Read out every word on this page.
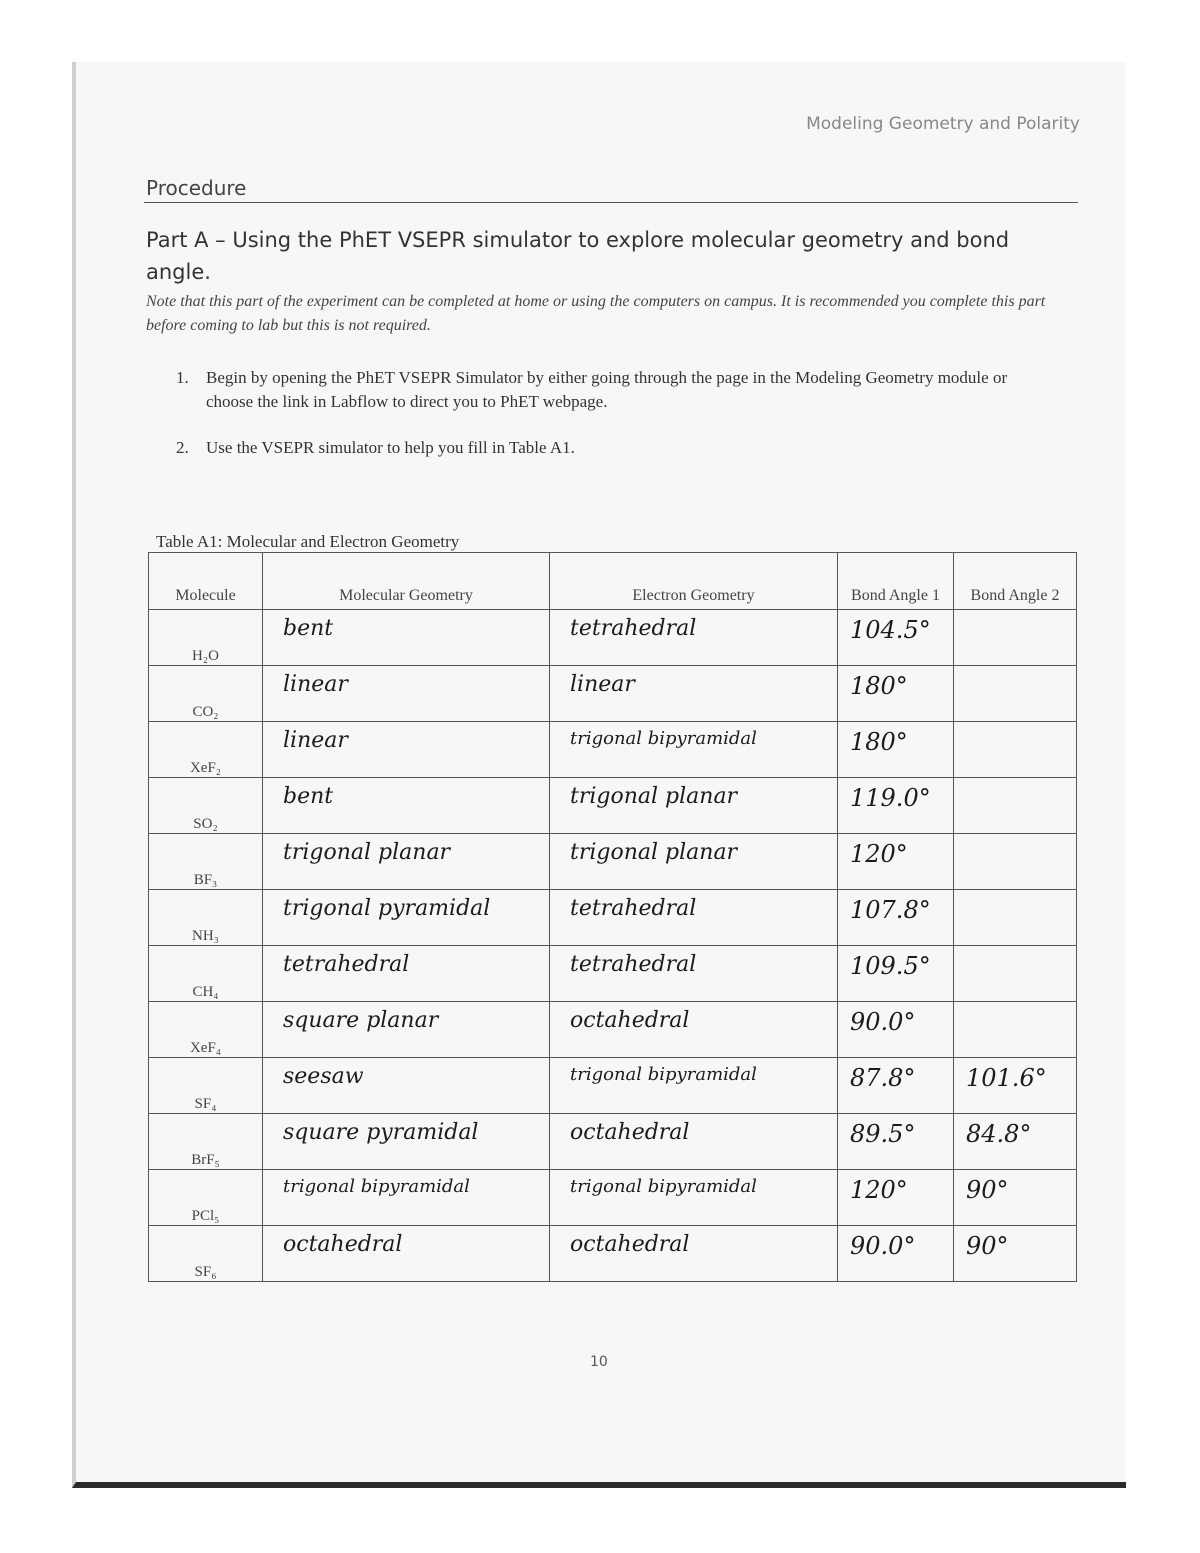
Modeling Geometry and Polarity
Procedure
Part A – Using the PhET VSEPR simulator to explore molecular geometry and bond angle.
Note that this part of the experiment can be completed at home or using the computers on campus. It is recommended you complete this part before coming to lab but this is not required.
1.	Begin by opening the PhET VSEPR Simulator by either going through the page in the Modeling Geometry module or choose the link in Labflow to direct you to PhET webpage.
2.	Use the VSEPR simulator to help you fill in Table A1.
Table A1: Molecular and Electron Geometry
Molecule	Molecular Geometry	Electron Geometry	Bond Angle 1	Bond Angle 2
H₂O	bent	tetrahedral	104.5°	

CO₂	linear	linear	180°	

XeF₂	linear	trigonal bipyramidal	180°	

SO₂	bent	trigonal planar	119.0°	

BF₃	trigonal planar	trigonal planar	120°	

NH₃	trigonal pyramidal	tetrahedral	107.8°	

CH₄	tetrahedral	tetrahedral	109.5°	

XeF₄	square planar	octahedral	90.0°	

SF₄	seesaw	trigonal bipyramidal	87.8°	101.6°

BrF₅	square pyramidal	octahedral	89.5°	84.8°

PCl₅	trigonal bipyramidal	trigonal bipyramidal	120°	90°

SF₆	octahedral	octahedral	90.0°	90°
10
